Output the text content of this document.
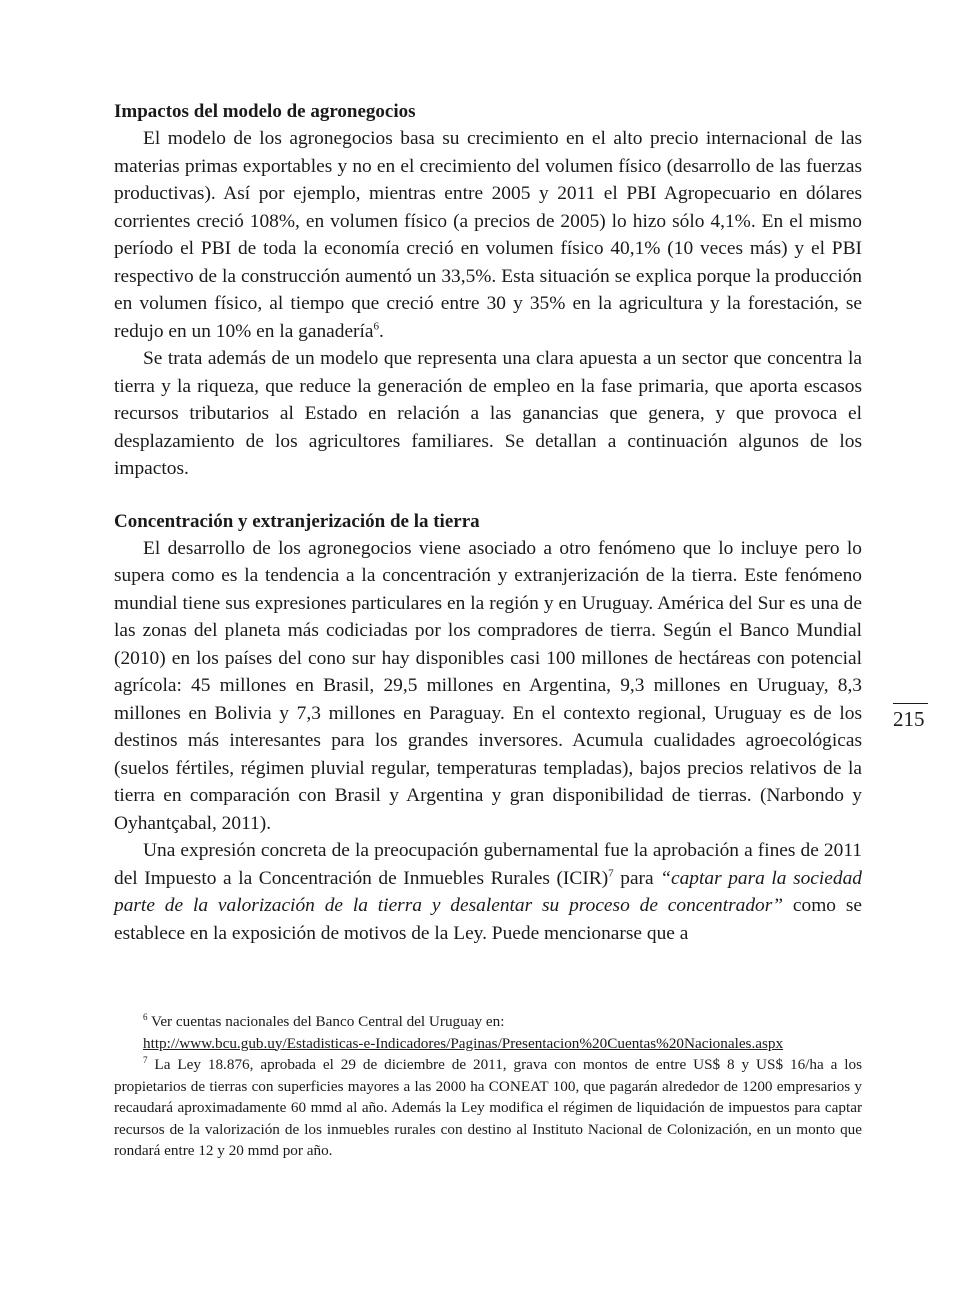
Impactos del modelo de agronegocios

El modelo de los agronegocios basa su crecimiento en el alto precio internacional de las materias primas exportables y no en el crecimiento del volumen físico (desarrollo de las fuerzas productivas). Así por ejemplo, mientras entre 2005 y 2011 el PBI Agropecuario en dólares corrientes creció 108%, en volumen físico (a precios de 2005) lo hizo sólo 4,1%. En el mismo período el PBI de toda la economía creció en volumen físico 40,1% (10 veces más) y el PBI respectivo de la construcción aumentó un 33,5%. Esta situación se explica porque la producción en volumen físico, al tiempo que creció entre 30 y 35% en la agricultura y la forestación, se redujo en un 10% en la ganadería$^6$.

Se trata además de un modelo que representa una clara apuesta a un sector que concentra la tierra y la riqueza, que reduce la generación de empleo en la fase primaria, que aporta escasos recursos tributarios al Estado en relación a las ganancias que genera, y que provoca el desplazamiento de los agricultores familiares. Se detallan a continuación algunos de los impactos.

Concentración y extranjerización de la tierra

El desarrollo de los agronegocios viene asociado a otro fenómeno que lo incluye pero lo supera como es la tendencia a la concentración y extranjerización de la tierra. Este fenómeno mundial tiene sus expresiones particulares en la región y en Uruguay. América del Sur es una de las zonas del planeta más codiciadas por los compradores de tierra. Según el Banco Mundial (2010) en los países del cono sur hay disponibles casi 100 millones de hectáreas con potencial agrícola: 45 millones en Brasil, 29,5 millones en Argentina, 9,3 millones en Uruguay, 8,3 millones en Bolivia y 7,3 millones en Paraguay. En el contexto regional, Uruguay es de los destinos más interesantes para los grandes inversores. Acumula cualidades agroecológicas (suelos fértiles, régimen pluvial regular, temperaturas templadas), bajos precios relativos de la tierra en comparación con Brasil y Argentina y gran disponibilidad de tierras. (Narbondo y Oyhantçabal, 2011).

Una expresión concreta de la preocupación gubernamental fue la aprobación a fines de 2011 del Impuesto a la Concentración de Inmuebles Rurales (ICIR)$^7$ para “captar para la sociedad parte de la valorización de la tierra y desalentar su proceso de concentrador” como se establece en la exposición de motivos de la Ley. Puede mencionarse que a

215

$^6$ Ver cuentas nacionales del Banco Central del Uruguay en:

http://www.bcu.gub.uy/Estadisticas-e-Indicadores/Paginas/Presentacion%20Cuentas%20Nacionales.aspx

$^7$ La Ley 18.876, aprobada el 29 de diciembre de 2011, grava con montos de entre US$ 8 y US$ 16/ha a los propietarios de tierras con superficies mayores a las 2000 ha CONEAT 100, que pagarán alrededor de 1200 empresarios y recaudará aproximadamente 60 mmd al año. Además la Ley modifica el régimen de liquidación de impuestos para captar recursos de la valorización de los inmuebles rurales con destino al Instituto Nacional de Colonización, en un monto que rondará entre 12 y 20 mmd por año.
